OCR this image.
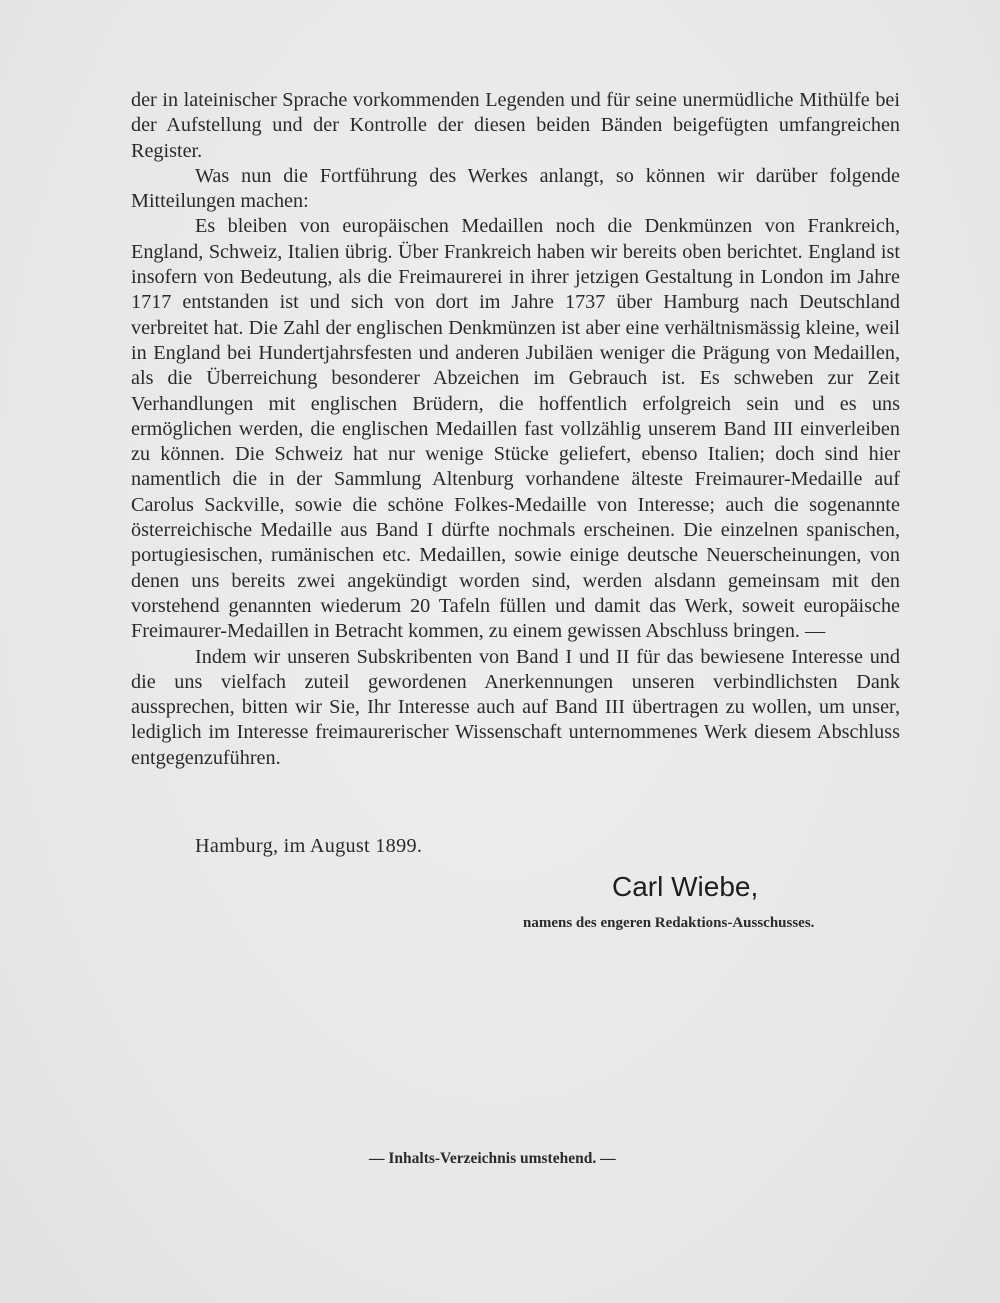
der in lateinischer Sprache vorkommenden Legenden und für seine unermüdliche Mithülfe bei der Aufstellung und der Kontrolle der diesen beiden Bänden beigefügten umfangreichen Register.

Was nun die Fortführung des Werkes anlangt, so können wir darüber folgende Mitteilungen machen:

Es bleiben von europäischen Medaillen noch die Denkmünzen von Frankreich, England, Schweiz, Italien übrig. Über Frankreich haben wir bereits oben berichtet. England ist insofern von Bedeutung, als die Freimaurerei in ihrer jetzigen Gestaltung in London im Jahre 1717 entstanden ist und sich von dort im Jahre 1737 über Hamburg nach Deutschland verbreitet hat. Die Zahl der englischen Denkmünzen ist aber eine verhältnismässig kleine, weil in England bei Hundertjahrsfesten und anderen Jubiläen weniger die Prägung von Medaillen, als die Überreichung besonderer Abzeichen im Gebrauch ist. Es schweben zur Zeit Verhandlungen mit englischen Brüdern, die hoffentlich erfolgreich sein und es uns ermöglichen werden, die englischen Medaillen fast vollzählig unserem Band III einverleiben zu können. Die Schweiz hat nur wenige Stücke geliefert, ebenso Italien; doch sind hier namentlich die in der Sammlung Altenburg vorhandene älteste Freimaurer-Medaille auf Carolus Sackville, sowie die schöne Folkes-Medaille von Interesse; auch die sogenannte österreichische Medaille aus Band I dürfte nochmals erscheinen. Die einzelnen spanischen, portugiesischen, rumänischen etc. Medaillen, sowie einige deutsche Neuerscheinungen, von denen uns bereits zwei angekündigt worden sind, werden alsdann gemeinsam mit den vorstehend genannten wiederum 20 Tafeln füllen und damit das Werk, soweit europäische Freimaurer-Medaillen in Betracht kommen, zu einem gewissen Abschluss bringen. —

Indem wir unseren Subskribenten von Band I und II für das bewiesene Interesse und die uns vielfach zuteil gewordenen Anerkennungen unseren verbindlichsten Dank aussprechen, bitten wir Sie, Ihr Interesse auch auf Band III übertragen zu wollen, um unser, lediglich im Interesse freimaurerischer Wissenschaft unternommenes Werk diesem Abschluss entgegenzuführen.

Hamburg, im August 1899.
Carl Wiebe,
namens des engeren Redaktions-Ausschusses.
— Inhalts-Verzeichnis umstehend. —
